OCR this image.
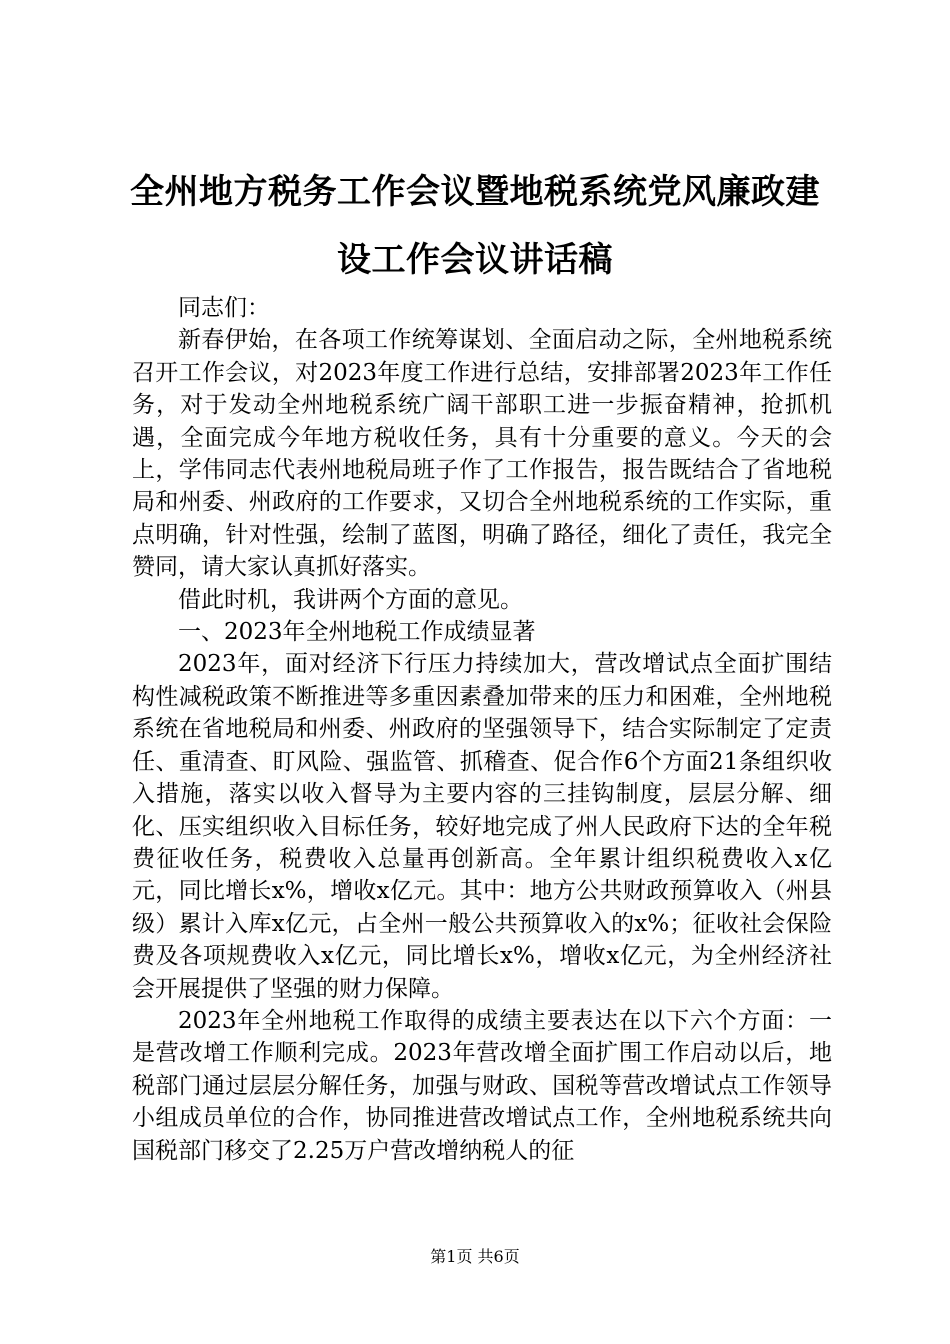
全州地方税务工作会议暨地税系统党风廉政建
设工作会议讲话稿

同志们：

新春伊始，在各项工作统筹谋划、全面启动之际，全州地税系统召开工作会议，对2023年度工作进行总结，安排部署2023年工作任务，对于发动全州地税系统广阔干部职工进一步振奋精神，抢抓机遇，全面完成今年地方税收任务，具有十分重要的意义。今天的会上，学伟同志代表州地税局班子作了工作报告，报告既结合了省地税局和州委、州政府的工作要求，又切合全州地税系统的工作实际，重点明确，针对性强，绘制了蓝图，明确了路径，细化了责任，我完全赞同，请大家认真抓好落实。

借此时机，我讲两个方面的意见。

一、2023年全州地税工作成绩显著

2023年，面对经济下行压力持续加大，营改增试点全面扩围结构性减税政策不断推进等多重因素叠加带来的压力和困难，全州地税系统在省地税局和州委、州政府的坚强领导下，结合实际制定了定责任、重清查、盯风险、强监管、抓稽查、促合作6个方面21条组织收入措施，落实以收入督导为主要内容的三挂钩制度，层层分解、细化、压实组织收入目标任务，较好地完成了州人民政府下达的全年税费征收任务，税费收入总量再创新高。全年累计组织税费收入x亿元，同比增长x%，增收x亿元。其中：地方公共财政预算收入（州县级）累计入库x亿元，占全州一般公共预算收入的x%；征收社会保险费及各项规费收入x亿元，同比增长x%，增收x亿元，为全州经济社会开展提供了坚强的财力保障。

2023年全州地税工作取得的成绩主要表达在以下六个方面：一是营改增工作顺利完成。2023年营改增全面扩围工作启动以后，地税部门通过层层分解任务，加强与财政、国税等营改增试点工作领导小组成员单位的合作，协同推进营改增试点工作，全州地税系统共向国税部门移交了2.25万户营改增纳税人的征

第1页 共6页
